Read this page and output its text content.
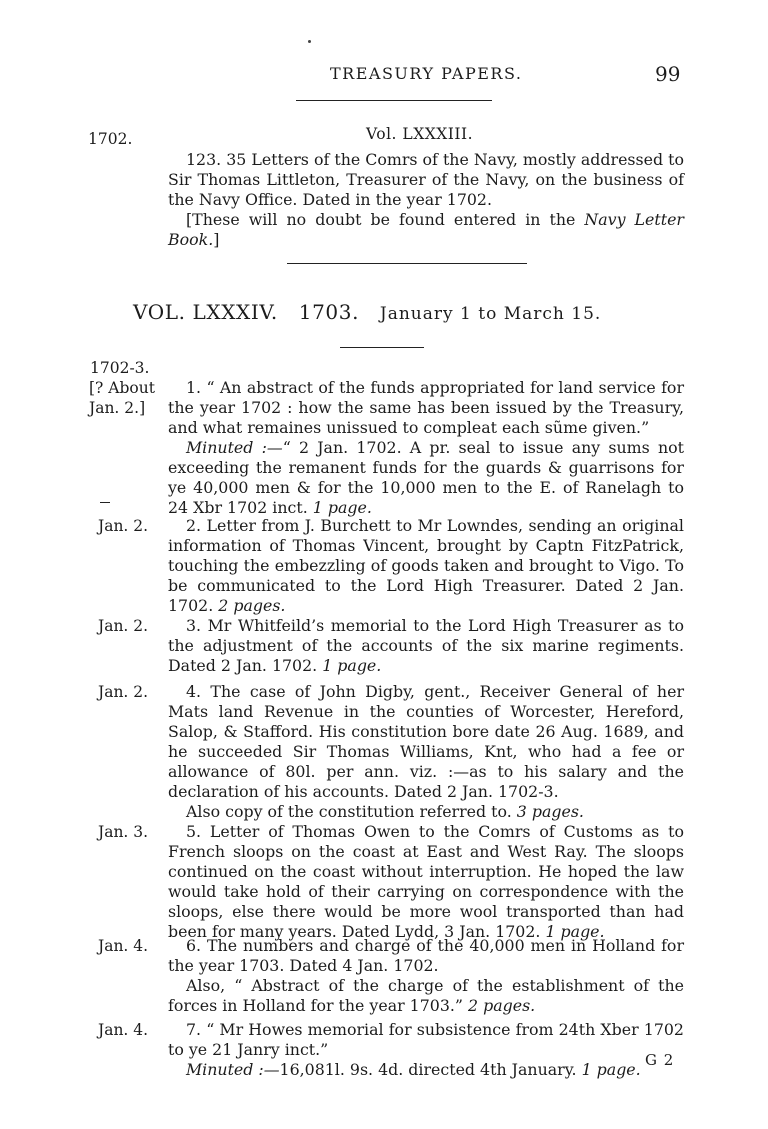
TREASURY PAPERS.	99
1702.	Vol. LXXXIII.

123. 35 Letters of the Comrs of the Navy, mostly addressed to Sir Thomas Littleton, Treasurer of the Navy, on the business of the Navy Office. Dated in the year 1702.

[These will no doubt be found entered in the Navy Letter Book.]

VOL. LXXXIV. 1703. January 1 to March 15.
1702-3.
[? About
Jan. 2.]

1. “ An abstract of the funds appropriated for land service for the year 1702 : how the same has been issued by the Treasury, and what remaines unissued to compleat each sũme given.”

Minuted :—“ 2 Jan. 1702. A pr. seal to issue any sums not exceeding the remanent funds for the guards & guarrisons for ye 40,000 men & for the 10,000 men to the E. of Ranelagh to 24 Xbr 1702 inct. 1 page.

Jan. 2.	2. Letter from J. Burchett to Mr Lowndes, sending an original information of Thomas Vincent, brought by Captn FitzPatrick, touching the embezzling of goods taken and brought to Vigo. To be communicated to the Lord High Treasurer. Dated 2 Jan. 1702. 2 pages.

Jan. 2.	3. Mr Whitfeild’s memorial to the Lord High Treasurer as to the adjustment of the accounts of the six marine regiments. Dated 2 Jan. 1702. 1 page.

Jan. 2.	4. The case of John Digby, gent., Receiver General of her Mats land Revenue in the counties of Worcester, Hereford, Salop, & Stafford. His constitution bore date 26 Aug. 1689, and he succeeded Sir Thomas Williams, Knt, who had a fee or allowance of 80l. per ann. viz. :—as to his salary and the declaration of his accounts. Dated 2 Jan. 1702-3.

Also copy of the constitution referred to. 3 pages.

Jan. 3.	5. Letter of Thomas Owen to the Comrs of Customs as to French sloops on the coast at East and West Ray. The sloops continued on the coast without interruption. He hoped the law would take hold of their carrying on correspondence with the sloops, else there would be more wool transported than had been for many years. Dated Lydd, 3 Jan. 1702. 1 page.

Jan. 4.	6. The numbers and charge of the 40,000 men in Holland for the year 1703. Dated 4 Jan. 1702.

Also, “ Abstract of the charge of the establishment of the forces in Holland for the year 1703.” 2 pages.

Jan. 4.	7. “ Mr Howes memorial for subsistence from 24th Xber 1702 to ye 21 Janry inct.”

Minuted :—16,081l. 9s. 4d. directed 4th January. 1 page. G 2
